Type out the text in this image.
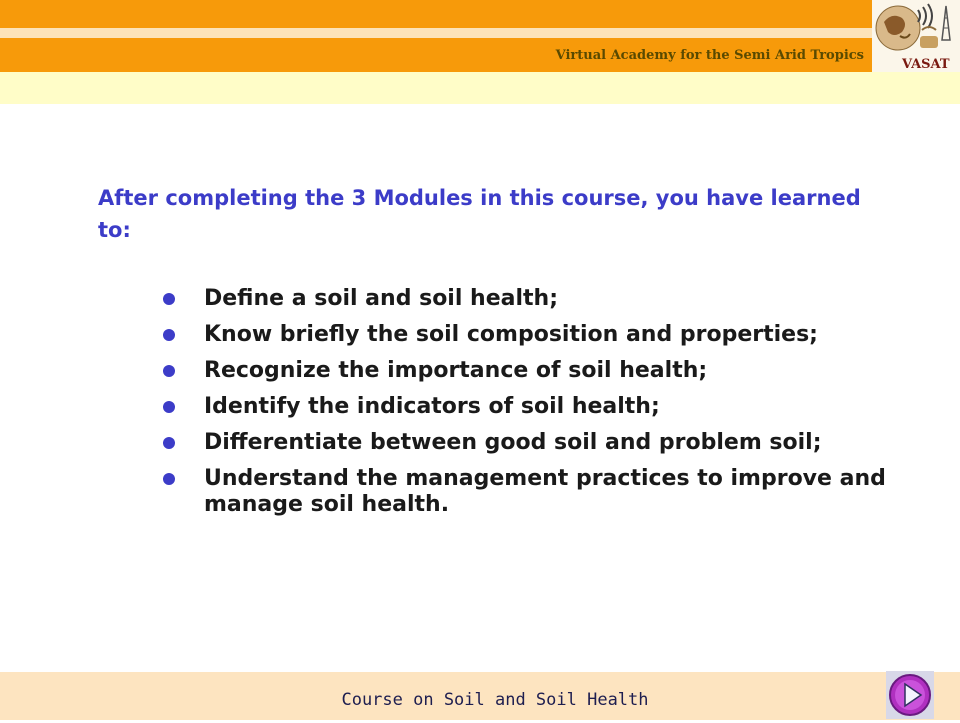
Virtual Academy for the Semi Arid Tropics
VASAT
After completing the 3 Modules in this course, you have learned to:
Define a soil and soil health;
Know briefly the soil composition and properties;
Recognize the importance of soil health;
Identify the indicators of soil health;
Differentiate between good soil and problem soil;
Understand the management practices to improve and manage soil health.
Course on Soil and Soil Health
